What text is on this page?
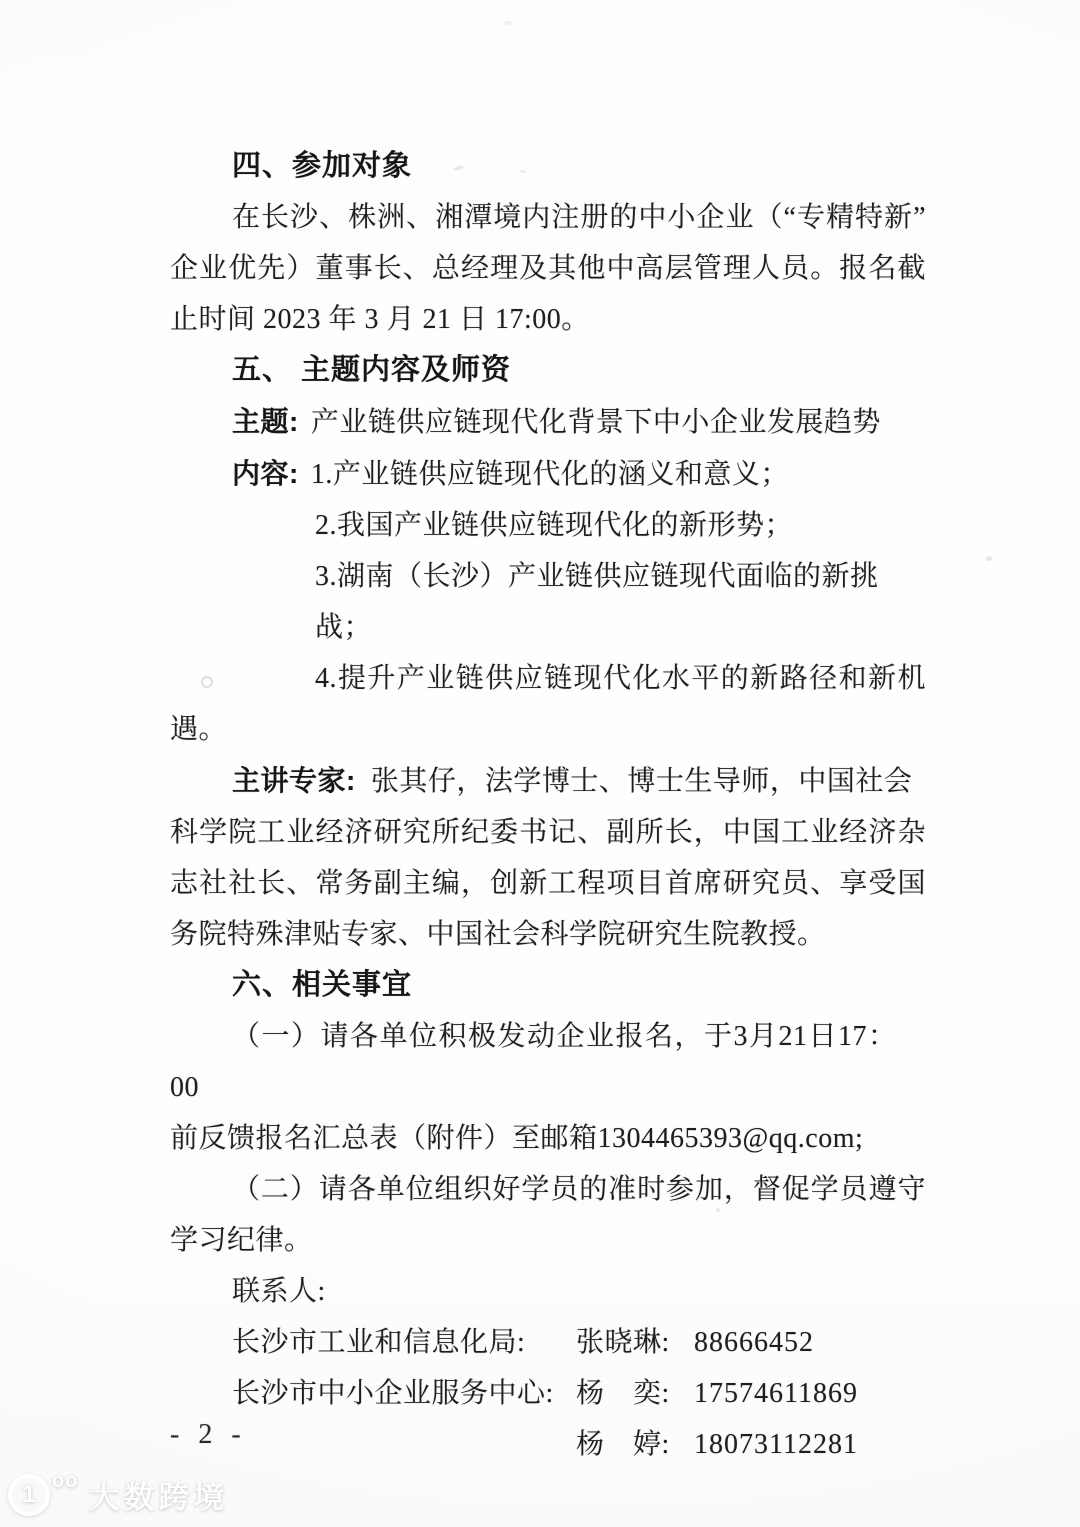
四、参加对象
在长沙、株洲、湘潭境内注册的中小企业（“专精特新”
企业优先）董事长、总经理及其他中高层管理人员。报名截
止时间 2023 年 3 月 21 日 17:00。
五、 主题内容及师资
主题: 产业链供应链现代化背景下中小企业发展趋势
内容: 1.产业链供应链现代化的涵义和意义；
2.我国产业链供应链现代化的新形势；
3.湖南（长沙）产业链供应链现代面临的新挑战；
4.提升产业链供应链现代化水平的新路径和新机
遇。
主讲专家: 张其仔，法学博士、博士生导师，中国社会
科学院工业经济研究所纪委书记、副所长，中国工业经济杂
志社社长、常务副主编，创新工程项目首席研究员、享受国
务院特殊津贴专家、中国社会科学院研究生院教授。
六、相关事宜
（一）请各单位积极发动企业报名，于3月21日17： 00
前反馈报名汇总表（附件）至邮箱1304465393@qq.com;
（二）请各单位组织好学员的准时参加，督促学员遵守
学习纪律。
联系人:
长沙市工业和信息化局:	张晓琳: 88666452
长沙市中小企业服务中心: 杨　奕: 17574611869
杨　婷: 18073112281
- 2 -
1 oo 大数跨境
